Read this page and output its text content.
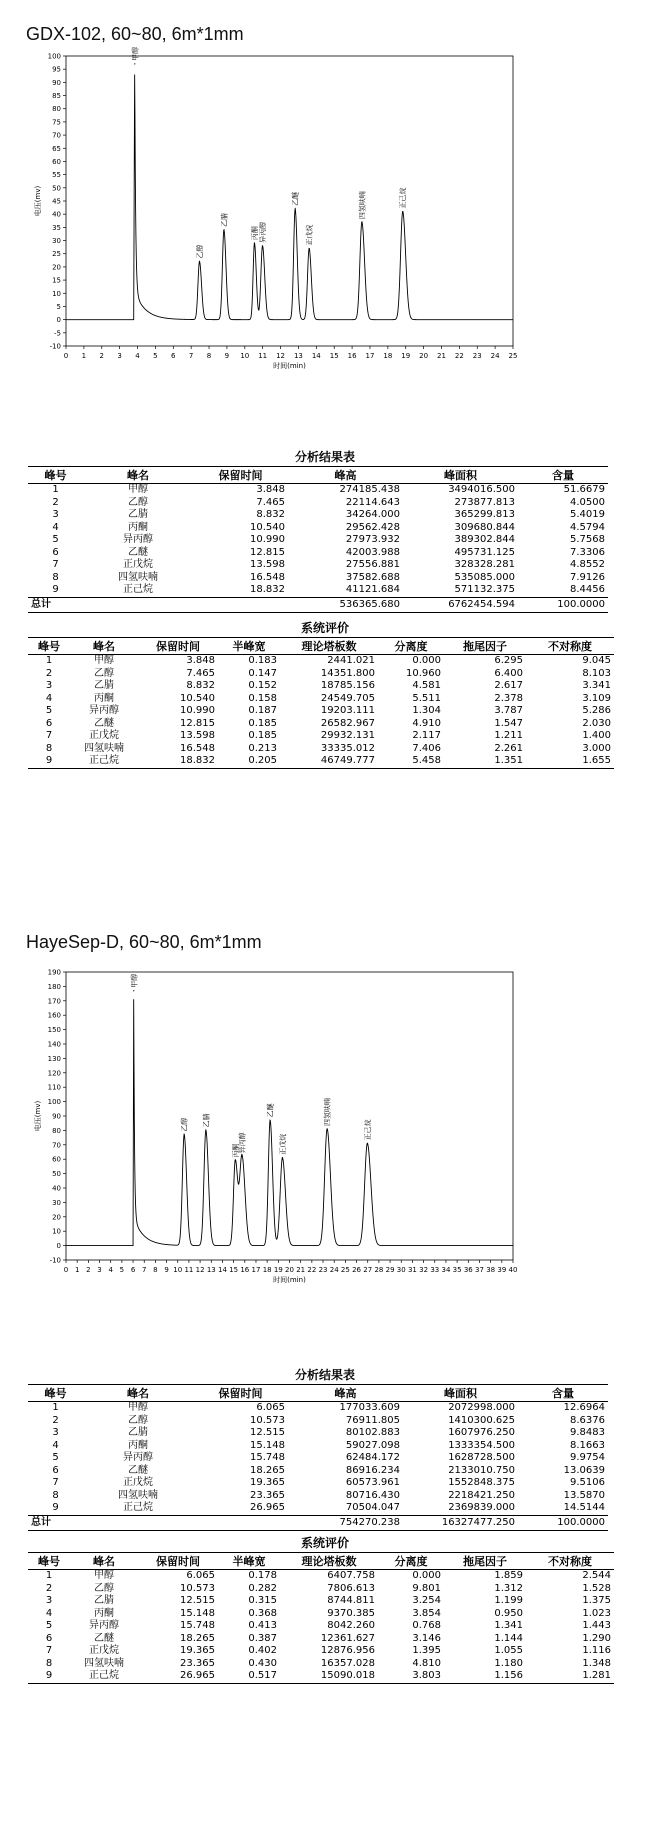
GDX-102, 60~80, 6m*1mm
-10
-5
0
5
10
15
20
25
30
35
40
45
50
55
60
65
70
75
80
85
90
95
100
0 1 2 3 4 5 6 7 8 9 10 11 12 13 14 15 16 17 18 19 20 21 22 23 24 25
时间(min)
电压(mv)
甲醇
乙醇
乙腈
丙酮 异丙醇
乙醚
正戊烷
四氢呋喃	正己烷
分析结果表
峰号	峰名	保留时间	峰高	峰面积	含量
1	甲醇	3.848	274185.438	3494016.500	51.6679
2	乙醇	7.465	22114.643	273877.813	4.0500
3	乙腈	8.832	34264.000	365299.813	5.4019
4	丙酮	10.540	29562.428	309680.844	4.5794
5	异丙醇	10.990	27973.932	389302.844	5.7568
6	乙醚	12.815	42003.988	495731.125	7.3306
7	正戊烷	13.598	27556.881	328328.281	4.8552
8	四氢呋喃	16.548	37582.688	535085.000	7.9126
9	正己烷	18.832	41121.684	571132.375	8.4456
总计			536365.680	6762454.594	100.0000
系统评价
峰号	峰名	保留时间	半峰宽	理论塔板数	分离度	拖尾因子	不对称度
1	甲醇	3.848	0.183	2441.021	0.000	6.295	9.045
2	乙醇	7.465	0.147	14351.800	10.960	6.400	8.103
3	乙腈	8.832	0.152	18785.156	4.581	2.617	3.341
4	丙酮	10.540	0.158	24549.705	5.511	2.378	3.109
5	异丙醇	10.990	0.187	19203.111	1.304	3.787	5.286
6	乙醚	12.815	0.185	26582.967	4.910	1.547	2.030
7	正戊烷	13.598	0.185	29932.131	2.117	1.211	1.400
8	四氢呋喃	16.548	0.213	33335.012	7.406	2.261	3.000
9	正己烷	18.832	0.205	46749.777	5.458	1.351	1.655
HayeSep-D, 60~80, 6m*1mm
-10
0
10
20
30
40
50
60
70
80
90
100
110
120
130
140
150
160
170
180
190
0 1 2 3 4 5 6 7 8 9 10 11 12 13 14 15 16 17 18 19 20 21 22 23 24 25 26 27 28 29 30 31 32 33 34 35 36 37 38 39 40
时间(min)
电压(mv)
甲醇
乙醇 乙腈
丙酮
异丙醇
乙醚
正戊烷
四氢呋喃
正己烷
分析结果表
峰号	峰名	保留时间	峰高	峰面积	含量
1	甲醇	6.065	177033.609	2072998.000	12.6964
2	乙醇	10.573	76911.805	1410300.625	8.6376
3	乙腈	12.515	80102.883	1607976.250	9.8483
4	丙酮	15.148	59027.098	1333354.500	8.1663
5	异丙醇	15.748	62484.172	1628728.500	9.9754
6	乙醚	18.265	86916.234	2133010.750	13.0639
7	正戊烷	19.365	60573.961	1552848.375	9.5106
8	四氢呋喃	23.365	80716.430	2218421.250	13.5870
9	正己烷	26.965	70504.047	2369839.000	14.5144
总计			754270.238	16327477.250	100.0000
系统评价
峰号	峰名	保留时间	半峰宽	理论塔板数	分离度	拖尾因子	不对称度
1	甲醇	6.065	0.178	6407.758	0.000	1.859	2.544
2	乙醇	10.573	0.282	7806.613	9.801	1.312	1.528
3	乙腈	12.515	0.315	8744.811	3.254	1.199	1.375
4	丙酮	15.148	0.368	9370.385	3.854	0.950	1.023
5	异丙醇	15.748	0.413	8042.260	0.768	1.341	1.443
6	乙醚	18.265	0.387	12361.627	3.146	1.144	1.290
7	正戊烷	19.365	0.402	12876.956	1.395	1.055	1.116
8	四氢呋喃	23.365	0.430	16357.028	4.810	1.180	1.348
9	正己烷	26.965	0.517	15090.018	3.803	1.156	1.281
